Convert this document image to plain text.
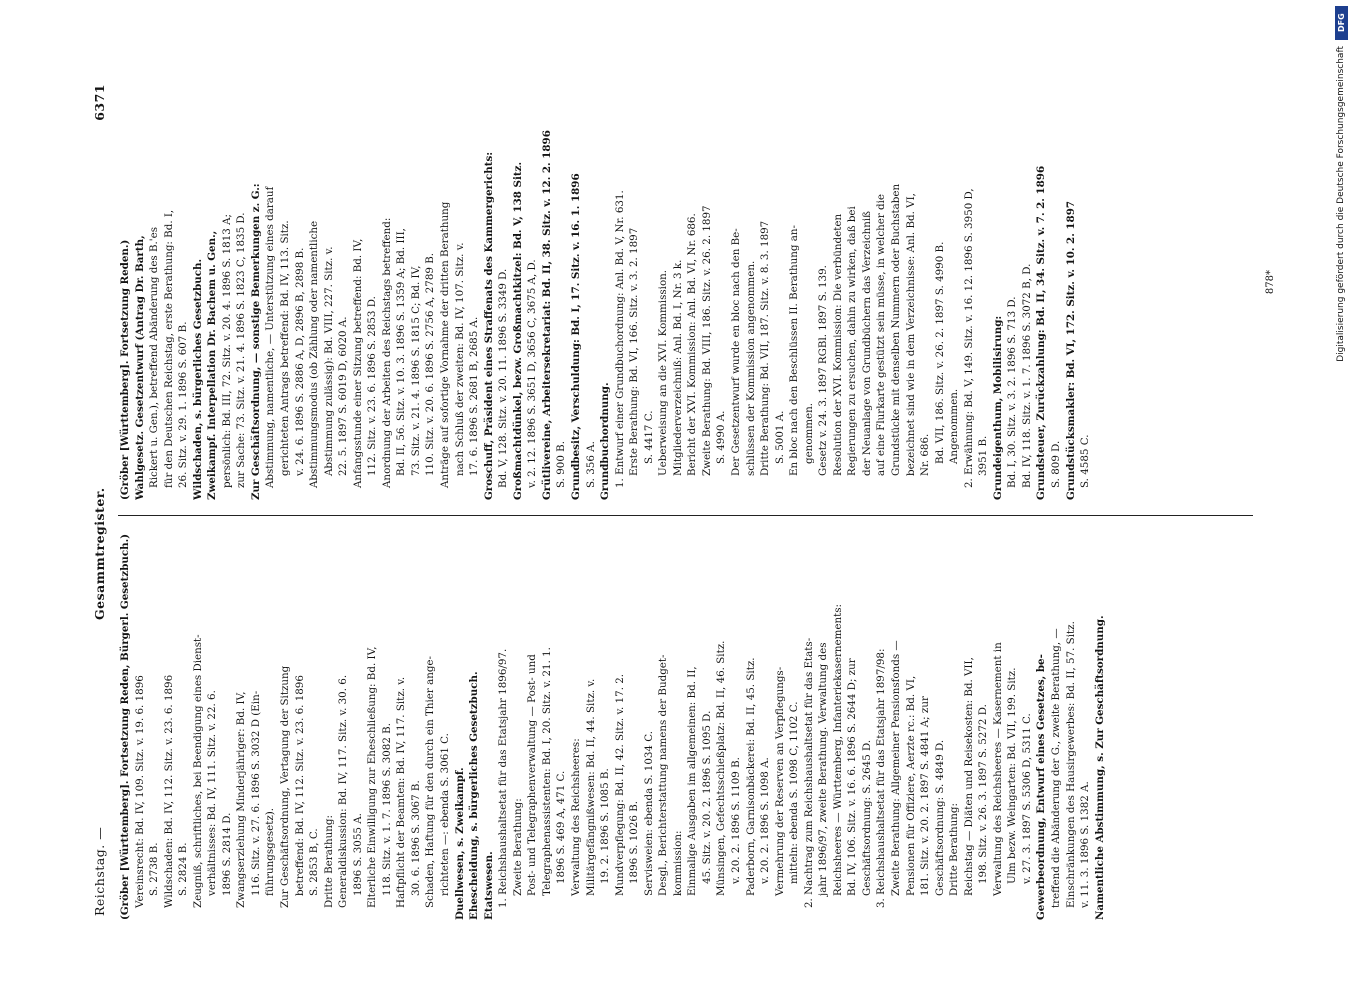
Reichstag. —
Gesammtregister.
6371
(Gröber [Württemberg]. Fortsetzung Reden, Bürgerl. Gesetzbuch.) Vereinsrecht: Bd. IV, 109. Sitz. v. 19. 6. 1896 S. 2738 B. Wildschaden: Bd. IV, 112. Sitz. v. 23. 6. 1896 S. 2824 B. Zeugniß, schriftliches, bei Beendigung eines Dienst- verhältnisses: Bd. IV, 111. Sitz. v. 22. 6. 1896 S. 2814 D. Zwangserziehung Minderjähriger: Bd. IV, 116. Sitz. v. 27. 6. 1896 S. 3032 D (Ein- führungsgesetz). Zur Geschäftsordnung, Vertagung der Sitzung betreffend: Bd. IV, 112. Sitz. v. 23. 6. 1896 S. 2853 B, C. Dritte Berathung: Generaldiskussion: Bd. IV, 117. Sitz. v. 30. 6. 1896 S. 3055 A. Elterliche Einwilligung zur Eheschließung: Bd. IV, 118. Sitz. v. 1. 7. 1896 S. 3082 B. Haftpflicht der Beamten: Bd. IV, 117. Sitz. v. 30. 6. 1896 S. 3067 B. Schaden, Haftung für den durch ein Thier ange- richteten —: ebenda S. 3061 C. Duellwesen, s. Zweikampf. Ehescheidung, s. bürgerliches Gesetzbuch. Etatswesen. 1. Reichshaushaltsetat für das Etatsjahr 1896/97. Zweite Berathung: Post- und Telegraphenverwaltung — Post- und Telegraphenassistenten: Bd. I, 20. Sitz. v. 21. 1. 1896 S. 469 A, 471 C. Verwaltung des Reichsheeres: Militärgefängnißwesen: Bd. II, 44. Sitz. v. 19. 2. 1896 S. 1085 B. Mundverpflegung: Bd. II, 42. Sitz. v. 17. 2. 1896 S. 1026 B. Servisweien: ebenda S. 1034 C. Desgl., Berichterstattung namens der Budget- kommission: Einmalige Ausgaben im allgemeinen: Bd. II, 45. Sitz. v. 20. 2. 1896 S. 1095 D. Münsingen, Gefechtsschießplatz: Bd. II, 46. Sitz. v. 20. 2. 1896 S. 1109 B. Paderborn, Garnisonbäckerei: Bd. II, 45. Sitz. v. 20. 2. 1896 S. 1098 A. Vermehrung der Reserven an Verpflegungs- mitteln: ebenda S. 1098 C, 1102 C. 2. Nachtrag zum Reichshaushaltsetat für das Etats- jahr 1896/97, zweite Berathung. Verwaltung des Reichsheeres — Württemberg, Infanteriekasernements: Bd. IV, 106. Sitz. v. 16. 6. 1896 S. 2644 D; zur Geschäftsordnung: S. 2645 D. 3. Reichshaushaltsetat für das Etatsjahr 1897/98: Zweite Berathung: Allgemeiner Pensionsfonds — Pensionen für Offiziere, Aerzte rc.: Bd. VI, 181. Sitz. v. 20. 2. 1897 S. 4841 A; zur Geschäftsordnung: S. 4849 D. Dritte Berathung: Reichstag — Diäten und Reisekosten: Bd. VII, 198. Sitz. v. 26. 3. 1897 S. 5272 D. Verwaltung des Reichsheeres — Kasernement in Ulm bezw. Weingarten: Bd. VII, 199. Sitz. v. 27. 3. 1897 S. 5306 D, 5311 C. Gewerbeordnung, Entwurf eines Gesetzes, be- treffend die Abänderung der G., zweite Berathung, — Einschränkungen des Hausirgewerbes: Bd. II, 57. Sitz. v. 11. 3. 1896 S. 1382 A. Namentliche Abstimmung, s. Zur Geschäftsordnung.
(Gröber [Württemberg]. Fortsetzung Reden.) Wahlgesetz. Gesetzentwurf (Antrag Dr. Barth, Rickert u. Gen.), betreffend Abänderung des B.'es für den Deutschen Reichstag, erste Berathung: Bd. I, 26. Sitz. v. 29. 1. 1896 S. 607 B. Wildschaden, s. bürgerliches Gesetzbuch. Zweikampf. Interpellation Dr. Bachem u. Gen., persönlich: Bd. III, 72. Sitz. v. 20. 4. 1896 S. 1813 A; zur Sache: 73. Sitz. v. 21. 4. 1896 S. 1823 C, 1835 D. Zur Geschäftsordnung, — sonstige Bemerkungen z. G.: Abstimmung, namentliche, — Unterstützung eines darauf gerichteten Antrags betreffend: Bd. IV, 113. Sitz. v. 24. 6. 1896 S. 2886 A, D, 2896 B, 2898 B. Abstimmungsmodus (ob Zählung oder namentliche Abstimmung zulässig): Bd. VIII, 227. Sitz. v. 22. 5. 1897 S. 6019 D, 6020 A. Anfangsstunde einer Sitzung betreffend: Bd. IV, 112. Sitz. v. 23. 6. 1896 S. 2853 D. Anordnung der Arbeiten des Reichstags betreffend: Bd. II, 56. Sitz. v. 10. 3. 1896 S. 1359 A; Bd. III, 73. Sitz. v. 21. 4. 1896 S. 1815 C; Bd. IV, 110. Sitz. v. 20. 6. 1896 S. 2756 A, 2789 B. Anträge auf sofortige Vornahme der dritten Berathung nach Schluß der zweiten: Bd. IV, 107. Sitz. v. 17. 6. 1896 S. 2681 B, 2685 A. Groschuff, Präsident eines Straffenats des Kammergerichts: Bd. V, 128. Sitz. v. 20. 11. 1896 S. 3349 D. Großmachtdünkel, bezw. Großmachtkitzel: Bd. V, 138 Sitz. v. 2. 12. 1896 S. 3651 D, 3656 C, 3675 A, D. Grütlivereine, Arbeitersekretariat: Bd. II, 38. Sitz. v. 12. 2. 1896 S. 900 B. Grundbesitz, Verschuldung: Bd. I, 17. Sitz. v. 16. 1. 1896 S. 356 A. Grundbuchordnung. 1. Entwurf einer Grundbuchordnung: Anl. Bd. V, Nr. 631. Erste Berathung: Bd. VI, 166. Sitz. v. 3. 2. 1897 S. 4417 C. Ueberweisung an die XVI. Kommission. Mitgliederverzeichniß: Anl. Bd. I, Nr. 3 k. Bericht der XVI. Kommission: Anl. Bd. VI, Nr. 686. Zweite Berathung: Bd. VIII, 186. Sitz. v. 26. 2. 1897 S. 4990 A. Der Gesetzentwurf wurde en bloc nach den Be- schlüssen der Kommission angenommen. Dritte Berathung: Bd. VII, 187. Sitz. v. 8. 3. 1897 S. 5001 A. En bloc nach den Beschlüssen II. Berathung an- genommen. Gesetz v. 24. 3. 1897 RGBl. 1897 S. 139. Resolution der XVI. Kommission: Die verbündeten Regierungen zu ersuchen, dahin zu wirken, daß bei der Neuanlage von Grundbüchern das Verzeichniß auf eine Flurkarte gestützt sein müsse, in welcher die Grundstücke mit denselben Nummern oder Buchstaben bezeichnet sind wie in dem Verzeichnisse: Anl. Bd. VI, Nr. 686. Bd. VII, 186. Sitz. v. 26. 2. 1897 S. 4990 B. Angenommen. 2. Erwähnung: Bd. V, 149. Sitz. v. 16. 12. 1896 S. 3950 D, 3951 B. Grundeigenthum, Mobilisirung: Bd. I, 30. Sitz. v. 3. 2. 1896 S. 713 D. Bd. IV, 118. Sitz. v. 1. 7. 1896 S. 3072 B, D. Grundsteuer, Zurückzahlung: Bd. II, 34. Sitz. v. 7. 2. 1896 S. 809 D. Grundstücksmakler: Bd. VI, 172. Sitz. v. 10. 2. 1897 S. 4585 C.
878*
DFG
Digitalisierung gefördert durch die Deutsche Forschungsgemeinschaft
